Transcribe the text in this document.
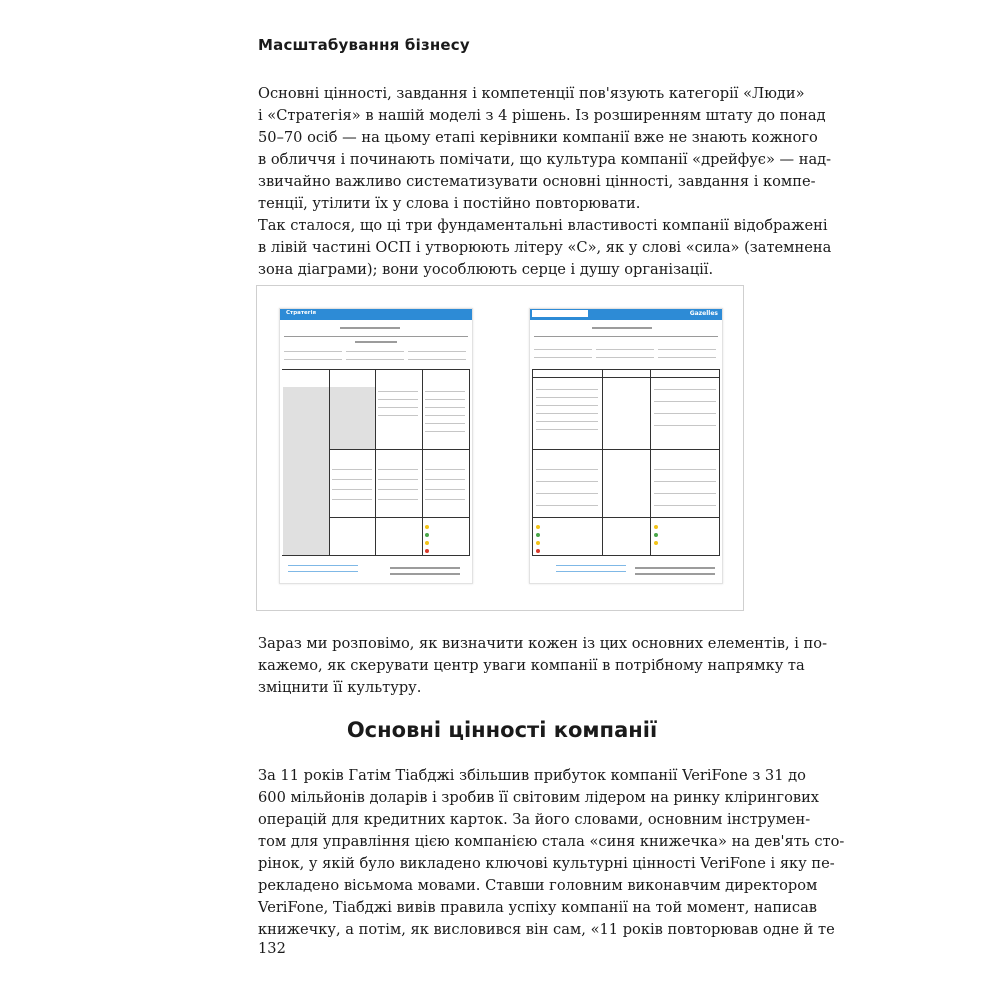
Масштабування бізнесу

Основні цінності, завдання і компетенції пов'язують категорії «Люди»
і «Стратегія» в нашій моделі з 4 рішень. Із розширенням штату до понад
50–70 осіб — на цьому етапі керівники компанії вже не знають кожного
в обличчя і починають помічати, що культура компанії «дрейфує» — над-
звичайно важливо систематизувати основні цінності, завдання і компе-
тенції, утілити їх у слова і постійно повторювати.

Так сталося, що ці три фундаментальні властивості компанії відображені
в лівій частині ОСП і утворюють літеру «С», як у слові «сила» (затемнена
зона діаграми); вони уособлюють серце і душу організації.

Стратегія	Gazelles

Зараз ми розповімо, як визначити кожен із цих основних елементів, і по-
кажемо, як скерувати центр уваги компанії в потрібному напрямку та
зміцнити її культуру.

Основні цінності компанії

За 11 років Гатім Тіабджі збільшив прибуток компанії VeriFone з 31 до
600 мільйонів доларів і зробив її світовим лідером на ринку клірингових
операцій для кредитних карток. За його словами, основним інструмен-
том для управління цією компанією стала «синя книжечка» на дев'ять сто-
рінок, у якій було викладено ключові культурні цінності VeriFone і яку пе-
рекладено вісьмома мовами. Ставши головним виконавчим директором
VeriFone, Тіабджі вивів правила успіху компанії на той момент, написав
книжечку, а потім, як висловився він сам, «11 років повторював одне й те

132
